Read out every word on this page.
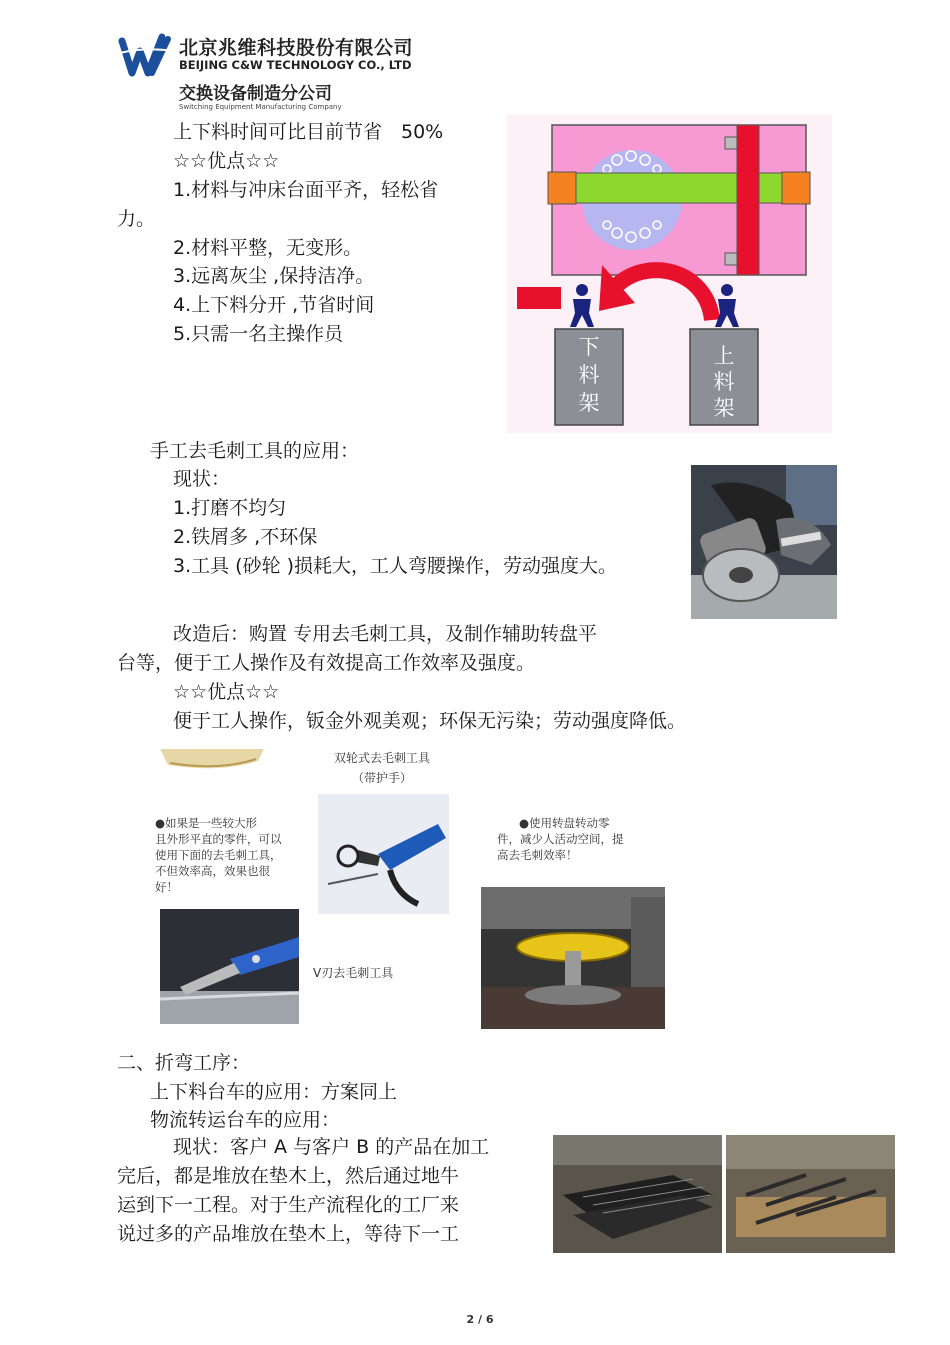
北京兆维科技股份有限公司
BEIJING C&W TECHNOLOGY CO., LTD
交换设备制造分公司
Switching Equipment Manufacturing Company
上下料时间可比目前节省　50%
☆☆优点☆☆
1.材料与冲床台面平齐，轻松省
力。
2.材料平整，无变形。
3.远离灰尘 ,保持洁净。
4.上下料分开 ,节省时间
5.只需一名主操作员
下
料
架
上
料
架
手工去毛刺工具的应用：
现状：
1.打磨不均匀
2.铁屑多 ,不环保
3.工具 (砂轮 )损耗大，工人弯腰操作，劳动强度大。
改造后：购置 专用去毛刺工具，及制作辅助转盘平
台等，便于工人操作及有效提高工作效率及强度。
☆☆优点☆☆
便于工人操作，钣金外观美观；环保无污染；劳动强度降低。
双轮式去毛刺工具
（带护手）
●如果是一些较大形
且外形平直的零件，可以
使用下面的去毛刺工具，
不但效率高，效果也很
好！
●使用转盘转动零
件，减少人活动空间，提
高去毛刺效率！
V刃去毛刺工具
二、折弯工序：
上下料台车的应用：方案同上
物流转运台车的应用：
现状：客户 A 与客户 B 的产品在加工
完后，都是堆放在垫木上，然后通过地牛
运到下一工程。对于生产流程化的工厂来
说过多的产品堆放在垫木上，等待下一工
2 / 6
